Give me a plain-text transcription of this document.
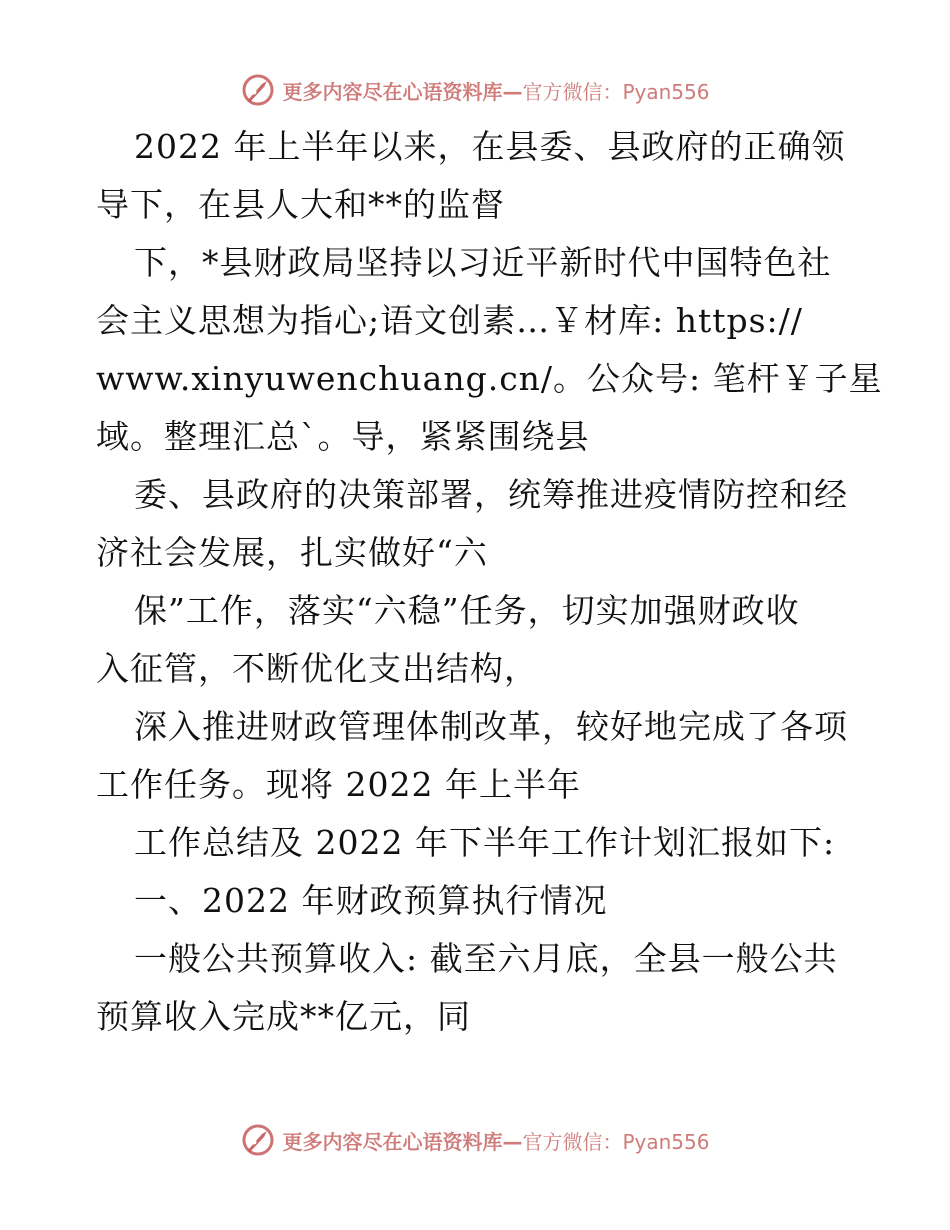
更多内容尽在心语资料库—官方微信：Pyan556
2022 年上半年以来，在县委、县政府的正确领
导下，在县人大和**的监督
下，*县财政局坚持以习近平新时代中国特色社
会主义思想为指心;语文创素…￥材库: https://
www.xinyuwenchuang.cn/。公众号: 笔杆￥子星
域。整理汇总`。导，紧紧围绕县
委、县政府的决策部署，统筹推进疫情防控和经
济社会发展，扎实做好“六
保”工作，落实“六稳”任务，切实加强财政收
入征管，不断优化支出结构，
深入推进财政管理体制改革，较好地完成了各项
工作任务。现将 2022 年上半年
工作总结及 2022 年下半年工作计划汇报如下:
一、2022 年财政预算执行情况
一般公共预算收入: 截至六月底，全县一般公共
预算收入完成**亿元，同
更多内容尽在心语资料库—官方微信：Pyan556
